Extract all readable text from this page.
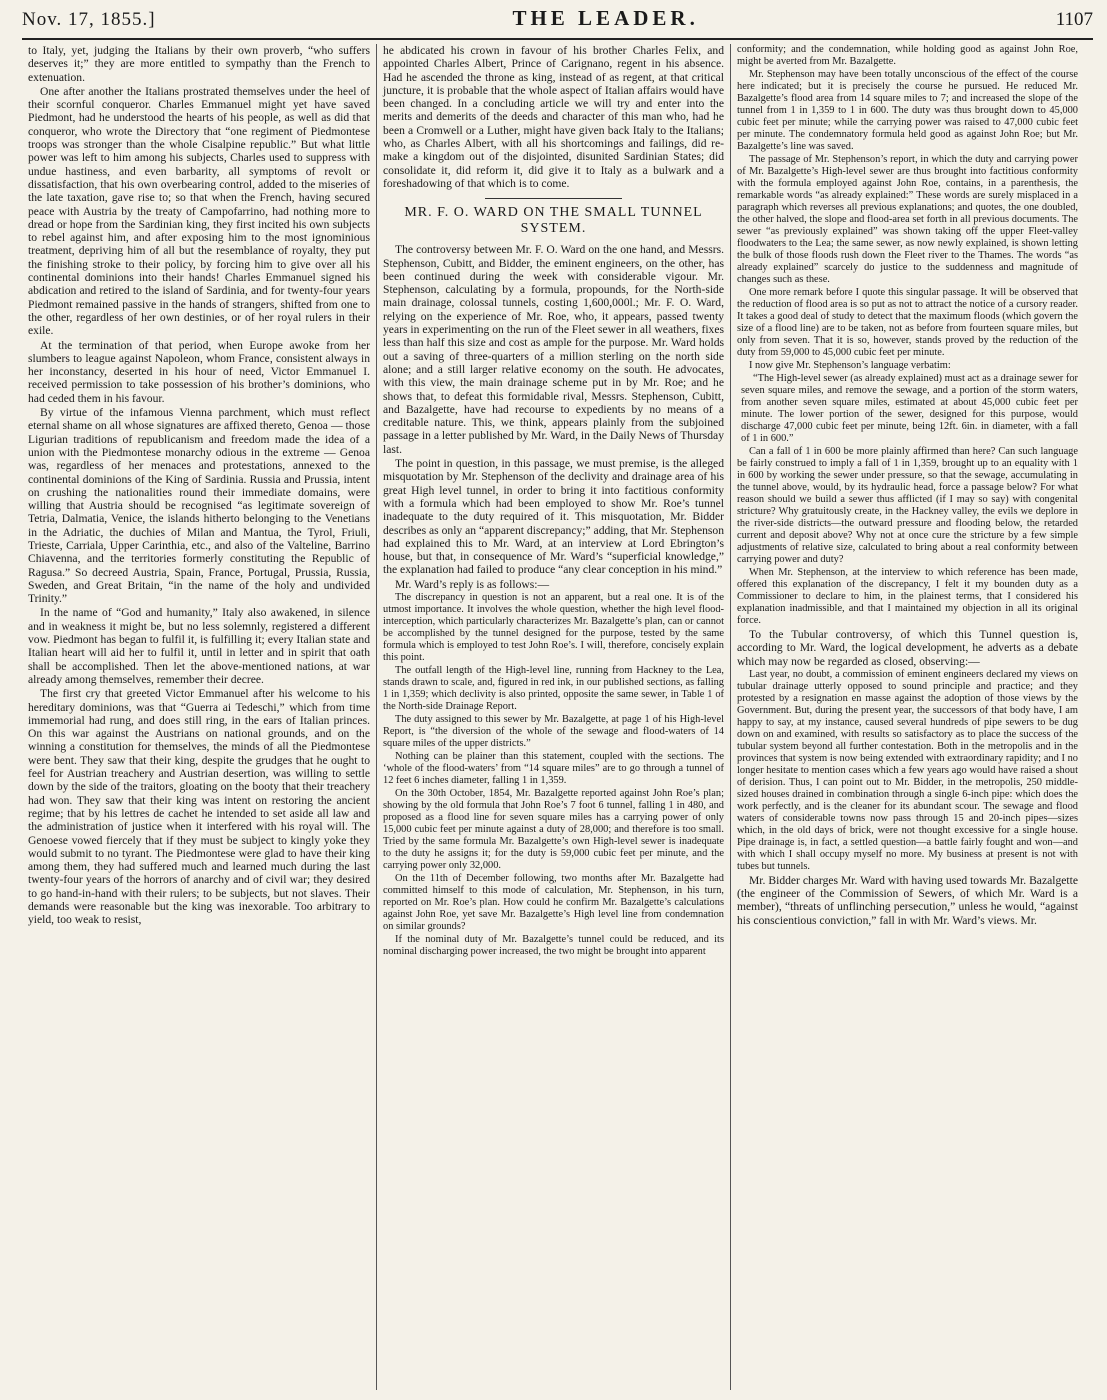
Nov. 17, 1855.]	THE LEADER.	1107

to Italy, yet, judging the Italians by their own proverb, “who suffers deserves it;” they are more entitled to sympathy than the French to extenuation.

One after another the Italians prostrated themselves under the heel of their scornful conqueror. Charles Emmanuel might yet have saved Piedmont, had he understood the hearts of his people, as well as did that conqueror, who wrote the Directory that “one regiment of Piedmontese troops was stronger than the whole Cisalpine republic.” But what little power was left to him among his subjects, Charles used to suppress with undue hastiness, and even barbarity, all symptoms of revolt or dissatisfaction, that his own overbearing control, added to the miseries of the late taxation, gave rise to; so that when the French, having secured peace with Austria by the treaty of Campofarrino, had nothing more to dread or hope from the Sardinian king, they first incited his own subjects to rebel against him, and after exposing him to the most ignominious treatment, depriving him of all but the resemblance of royalty, they put the finishing stroke to their policy, by forcing him to give over all his continental dominions into their hands! Charles Emmanuel signed his abdication and retired to the island of Sardinia, and for twenty-four years Piedmont remained passive in the hands of strangers, shifted from one to the other, regardless of her own destinies, or of her royal rulers in their exile.

At the termination of that period, when Europe awoke from her slumbers to league against Napoleon, whom France, consistent always in her inconstancy, deserted in his hour of need, Victor Emmanuel I. received permission to take possession of his brother’s dominions, who had ceded them in his favour.

By virtue of the infamous Vienna parchment, which must reflect eternal shame on all whose signatures are affixed thereto, Genoa — those Ligurian traditions of republicanism and freedom made the idea of a union with the Piedmontese monarchy odious in the extreme — Genoa was, regardless of her menaces and protestations, annexed to the continental dominions of the King of Sardinia. Russia and Prussia, intent on crushing the nationalities round their immediate domains, were willing that Austria should be recognised “as legitimate sovereign of Tetria, Dalmatia, Venice, the islands hitherto belonging to the Venetians in the Adriatic, the duchies of Milan and Mantua, the Tyrol, Friuli, Trieste, Carriala, Upper Carinthia, etc., and also of the Valteline, Barrino Chiavenna, and the territories formerly constituting the Republic of Ragusa.” So decreed Austria, Spain, France, Portugal, Prussia, Russia, Sweden, and Great Britain, “in the name of the holy and undivided Trinity.”

In the name of “God and humanity,” Italy also awakened, in silence and in weakness it might be, but no less solemnly, registered a different vow. Piedmont has began to fulfil it, is fulfilling it; every Italian state and Italian heart will aid her to fulfil it, until in letter and in spirit that oath shall be accomplished. Then let the above-mentioned nations, at war already among themselves, remember their decree.

The first cry that greeted Victor Emmanuel after his welcome to his hereditary dominions, was that “Guerra ai Tedeschi,” which from time immemorial had rung, and does still ring, in the ears of Italian princes. On this war against the Austrians on national grounds, and on the winning a constitution for themselves, the minds of all the Piedmontese were bent. They saw that their king, despite the grudges that he ought to feel for Austrian treachery and Austrian desertion, was willing to settle down by the side of the traitors, gloating on the booty that their treachery had won. They saw that their king was intent on restoring the ancient regime; that by his lettres de cachet he intended to set aside all law and the administration of justice when it interfered with his royal will. The Genoese vowed fiercely that if they must be subject to kingly yoke they would submit to no tyrant. The Piedmontese were glad to have their king among them, they had suffered much and learned much during the last twenty-four years of the horrors of anarchy and of civil war; they desired to go hand-in-hand with their rulers; to be subjects, but not slaves. Their demands were reasonable but the king was inexorable. Too arbitrary to yield, too weak to resist,

he abdicated his crown in favour of his brother Charles Felix, and appointed Charles Albert, Prince of Carignano, regent in his absence. Had he ascended the throne as king, instead of as regent, at that critical juncture, it is probable that the whole aspect of Italian affairs would have been changed. In a concluding article we will try and enter into the merits and demerits of the deeds and character of this man who, had he been a Cromwell or a Luther, might have given back Italy to the Italians; who, as Charles Albert, with all his shortcomings and failings, did re-make a kingdom out of the disjointed, disunited Sardinian States; did consolidate it, did reform it, did give it to Italy as a bulwark and a foreshadowing of that which is to come.

MR. F. O. WARD ON THE SMALL TUNNEL SYSTEM.

The controversy between Mr. F. O. Ward on the one hand, and Messrs. Stephenson, Cubitt, and Bidder, the eminent engineers, on the other, has been continued during the week with considerable vigour. Mr. Stephenson, calculating by a formula, propounds, for the North-side main drainage, colossal tunnels, costing 1,600,000l.; Mr. F. O. Ward, relying on the experience of Mr. Roe, who, it appears, passed twenty years in experimenting on the run of the Fleet sewer in all weathers, fixes less than half this size and cost as ample for the purpose. Mr. Ward holds out a saving of three-quarters of a million sterling on the north side alone; and a still larger relative economy on the south. He advocates, with this view, the main drainage scheme put in by Mr. Roe; and he shows that, to defeat this formidable rival, Messrs. Stephenson, Cubitt, and Bazalgette, have had recourse to expedients by no means of a creditable nature. This, we think, appears plainly from the subjoined passage in a letter published by Mr. Ward, in the Daily News of Thursday last.

The point in question, in this passage, we must premise, is the alleged misquotation by Mr. Stephenson of the declivity and drainage area of his great High level tunnel, in order to bring it into factitious conformity with a formula which had been employed to show Mr. Roe’s tunnel inadequate to the duty required of it. This misquotation, Mr. Bidder describes as only an “apparent discrepancy;” adding, that Mr. Stephenson had explained this to Mr. Ward, at an interview at Lord Ebrington’s house, but that, in consequence of Mr. Ward’s “superficial knowledge,” the explanation had failed to produce “any clear conception in his mind.”

Mr. Ward’s reply is as follows:—

The discrepancy in question is not an apparent, but a real one. It is of the utmost importance. It involves the whole question, whether the high level flood-interception, which particularly characterizes Mr. Bazalgette’s plan, can or cannot be accomplished by the tunnel designed for the purpose, tested by the same formula which is employed to test John Roe’s. I will, therefore, concisely explain this point.

The outfall length of the High-level line, running from Hackney to the Lea, stands drawn to scale, and, figured in red ink, in our published sections, as falling 1 in 1,359; which declivity is also printed, opposite the same sewer, in Table 1 of the North-side Drainage Report.

The duty assigned to this sewer by Mr. Bazalgette, at page 1 of his High-level Report, is “the diversion of the whole of the sewage and flood-waters of 14 square miles of the upper districts.”

Nothing can be plainer than this statement, coupled with the sections. The ‘whole of the flood-waters’ from “14 square miles” are to go through a tunnel of 12 feet 6 inches diameter, falling 1 in 1,359.

On the 30th October, 1854, Mr. Bazalgette reported against John Roe’s plan; showing by the old formula that John Roe’s 7 foot 6 tunnel, falling 1 in 480, and proposed as a flood line for seven square miles has a carrying power of only 15,000 cubic feet per minute against a duty of 28,000; and therefore is too small. Tried by the same formula Mr. Bazalgette’s own High-level sewer is inadequate to the duty he assigns it; for the duty is 59,000 cubic feet per minute, and the carrying power only 32,000.

On the 11th of December following, two months after Mr. Bazalgette had committed himself to this mode of calculation, Mr. Stephenson, in his turn, reported on Mr. Roe’s plan. How could he confirm Mr. Bazalgette’s calculations against John Roe, yet save Mr. Bazalgette’s High level line from condemnation on similar grounds?

If the nominal duty of Mr. Bazalgette’s tunnel could be reduced, and its nominal discharging power increased, the two might be brought into apparent

conformity; and the condemnation, while holding good as against John Roe, might be averted from Mr. Bazalgette.

Mr. Stephenson may have been totally unconscious of the effect of the course here indicated; but it is precisely the course he pursued. He reduced Mr. Bazalgette’s flood area from 14 square miles to 7; and increased the slope of the tunnel from 1 in 1,359 to 1 in 600. The duty was thus brought down to 45,000 cubic feet per minute; while the carrying power was raised to 47,000 cubic feet per minute. The condemnatory formula held good as against John Roe; but Mr. Bazalgette’s line was saved.

The passage of Mr. Stephenson’s report, in which the duty and carrying power of Mr. Bazalgette’s High-level sewer are thus brought into factitious conformity with the formula employed against John Roe, contains, in a parenthesis, the remarkable words “as already explained:” These words are surely misplaced in a paragraph which reverses all previous explanations; and quotes, the one doubled, the other halved, the slope and flood-area set forth in all previous documents. The sewer “as previously explained” was shown taking off the upper Fleet-valley floodwaters to the Lea; the same sewer, as now newly explained, is shown letting the bulk of those floods rush down the Fleet river to the Thames. The words “as already explained” scarcely do justice to the suddenness and magnitude of changes such as these.

One more remark before I quote this singular passage. It will be observed that the reduction of flood area is so put as not to attract the notice of a cursory reader. It takes a good deal of study to detect that the maximum floods (which govern the size of a flood line) are to be taken, not as before from fourteen square miles, but only from seven. That it is so, however, stands proved by the reduction of the duty from 59,000 to 45,000 cubic feet per minute.

I now give Mr. Stephenson’s language verbatim:

“The High-level sewer (as already explained) must act as a drainage sewer for seven square miles, and remove the sewage, and a portion of the storm waters, from another seven square miles, estimated at about 45,000 cubic feet per minute. The lower portion of the sewer, designed for this purpose, would discharge 47,000 cubic feet per minute, being 12ft. 6in. in diameter, with a fall of 1 in 600.”

Can a fall of 1 in 600 be more plainly affirmed than here? Can such language be fairly construed to imply a fall of 1 in 1,359, brought up to an equality with 1 in 600 by working the sewer under pressure, so that the sewage, accumulating in the tunnel above, would, by its hydraulic head, force a passage below? For what reason should we build a sewer thus afflicted (if I may so say) with congenital stricture? Why gratuitously create, in the Hackney valley, the evils we deplore in the river-side districts—the outward pressure and flooding below, the retarded current and deposit above? Why not at once cure the stricture by a few simple adjustments of relative size, calculated to bring about a real conformity between carrying power and duty?

When Mr. Stephenson, at the interview to which reference has been made, offered this explanation of the discrepancy, I felt it my bounden duty as a Commissioner to declare to him, in the plainest terms, that I considered his explanation inadmissible, and that I maintained my objection in all its original force.

To the Tubular controversy, of which this Tunnel question is, according to Mr. Ward, the logical development, he adverts as a debate which may now be regarded as closed, observing:—

Last year, no doubt, a commission of eminent engineers declared my views on tubular drainage utterly opposed to sound principle and practice; and they protested by a resignation en masse against the adoption of those views by the Government. But, during the present year, the successors of that body have, I am happy to say, at my instance, caused several hundreds of pipe sewers to be dug down on and examined, with results so satisfactory as to place the success of the tubular system beyond all further contestation. Both in the metropolis and in the provinces that system is now being extended with extraordinary rapidity; and I no longer hesitate to mention cases which a few years ago would have raised a shout of derision. Thus, I can point out to Mr. Bidder, in the metropolis, 250 middle-sized houses drained in combination through a single 6-inch pipe: which does the work perfectly, and is the cleaner for its abundant scour. The sewage and flood waters of considerable towns now pass through 15 and 20-inch pipes—sizes which, in the old days of brick, were not thought excessive for a single house. Pipe drainage is, in fact, a settled question—a battle fairly fought and won—and with which I shall occupy myself no more. My business at present is not with tubes but tunnels.

Mr. Bidder charges Mr. Ward with having used towards Mr. Bazalgette (the engineer of the Commission of Sewers, of which Mr. Ward is a member), “threats of unflinching persecution,” unless he would, “against his conscientious conviction,” fall in with Mr. Ward’s views. Mr.
